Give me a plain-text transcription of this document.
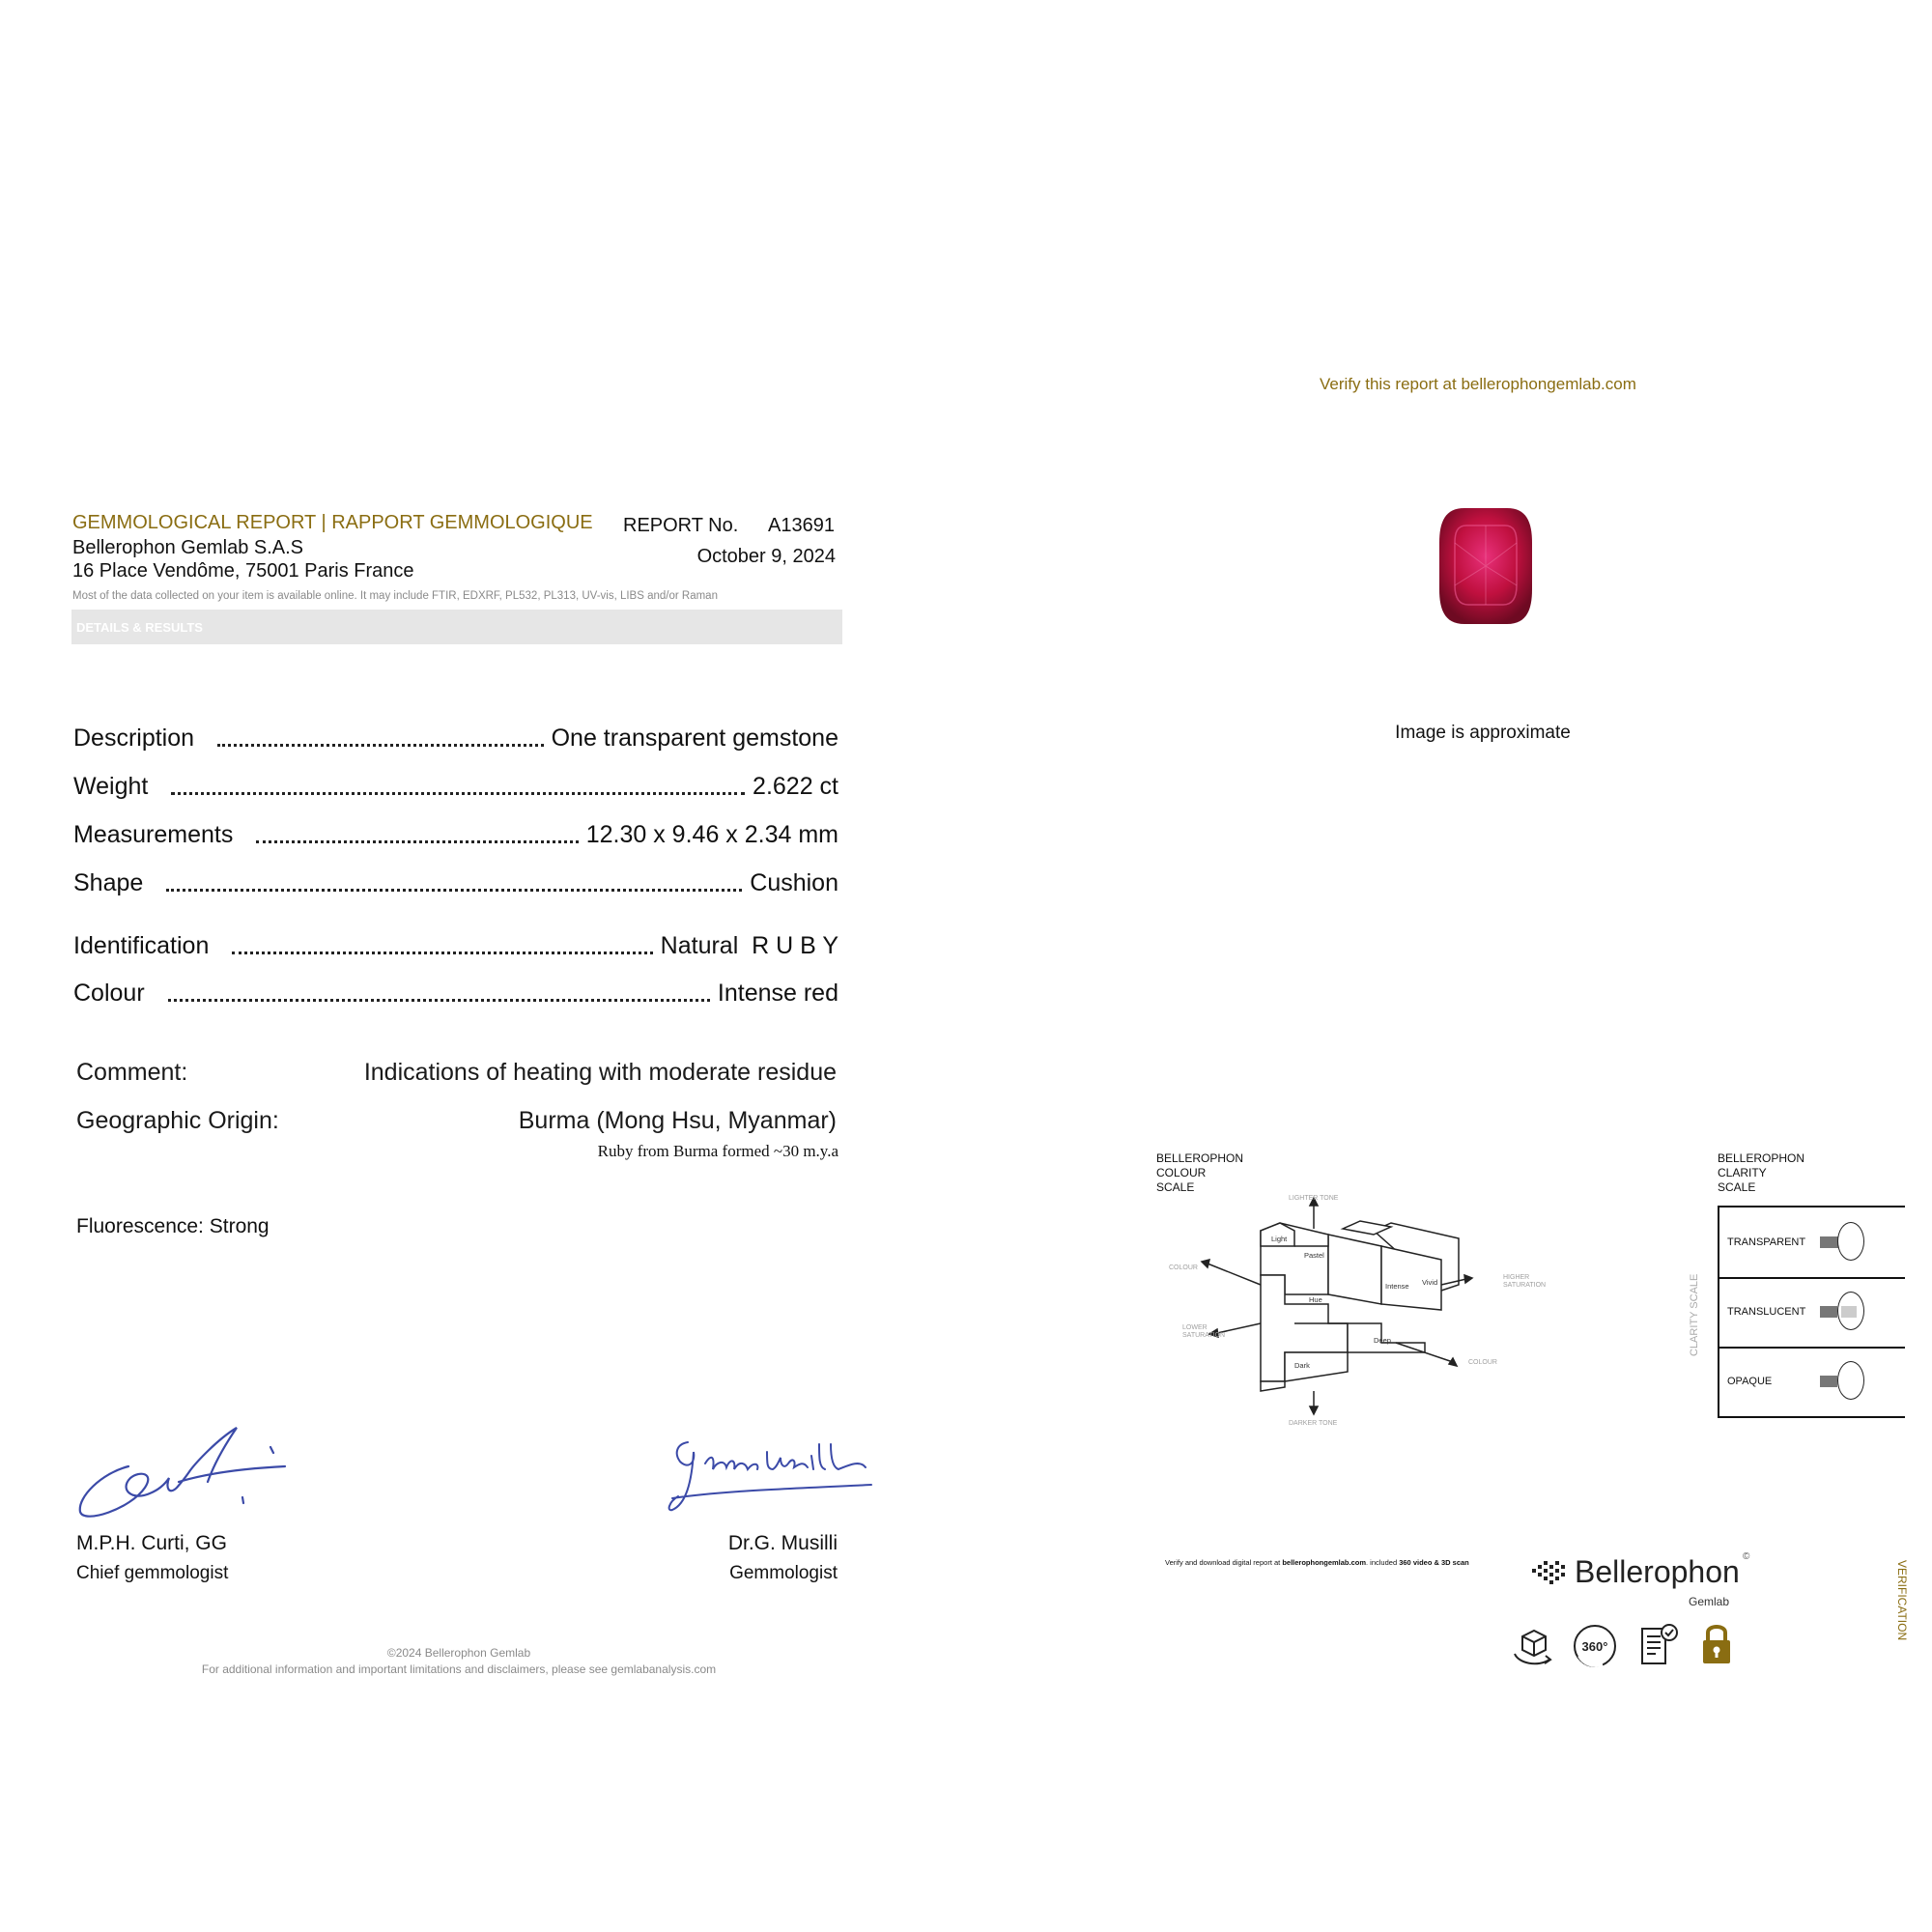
Verify this report at bellerophongemlab.com
GEMMOLOGICAL REPORT | RAPPORT GEMMOLOGIQUE
Bellerophon Gemlab S.A.S
16 Place Vendôme, 75001 Paris France
REPORT No. A13691
October 9, 2024
Most of the data collected on your item is available online. It may include FTIR, EDXRF, PL532, PL313, UV-vis, LIBS and/or Raman
DETAILS & RESULTS
Description	One transparent gemstone
Weight	2.622 ct
Measurements	12.30 x 9.46 x 2.34 mm
Shape	Cushion
Identification	Natural  R U B Y
Colour	Intense red
Comment:	Indications of heating with moderate residue
Geographic Origin:	Burma (Mong Hsu, Myanmar)
Ruby from Burma formed ~30 m.y.a
Fluorescence: Strong
M.P.H. Curti, GG
Chief gemmologist
Dr.G. Musilli
Gemmologist
©2024 Bellerophon Gemlab
For additional information and important limitations and disclaimers, please see gemlabanalysis.com
Image is approximate
BELLEROPHON
COLOUR
SCALE
Light
Pastel
Hue
Intense Vivid
Deep
Dark
LIGHTER TONE
DARKER TONE
COLOUR
COLOUR
HIGHER
SATURATION
LOWER
SATURATION
BELLEROPHON
CLARITY
SCALE
CLARITY SCALE
TRANSPARENT
TRANSLUCENT
OPAQUE
Verify and download digital report at bellerophongemlab.com. included 360 video & 3D scan	Bellerophon ©
Gemlab
360°
VERIFICATION
